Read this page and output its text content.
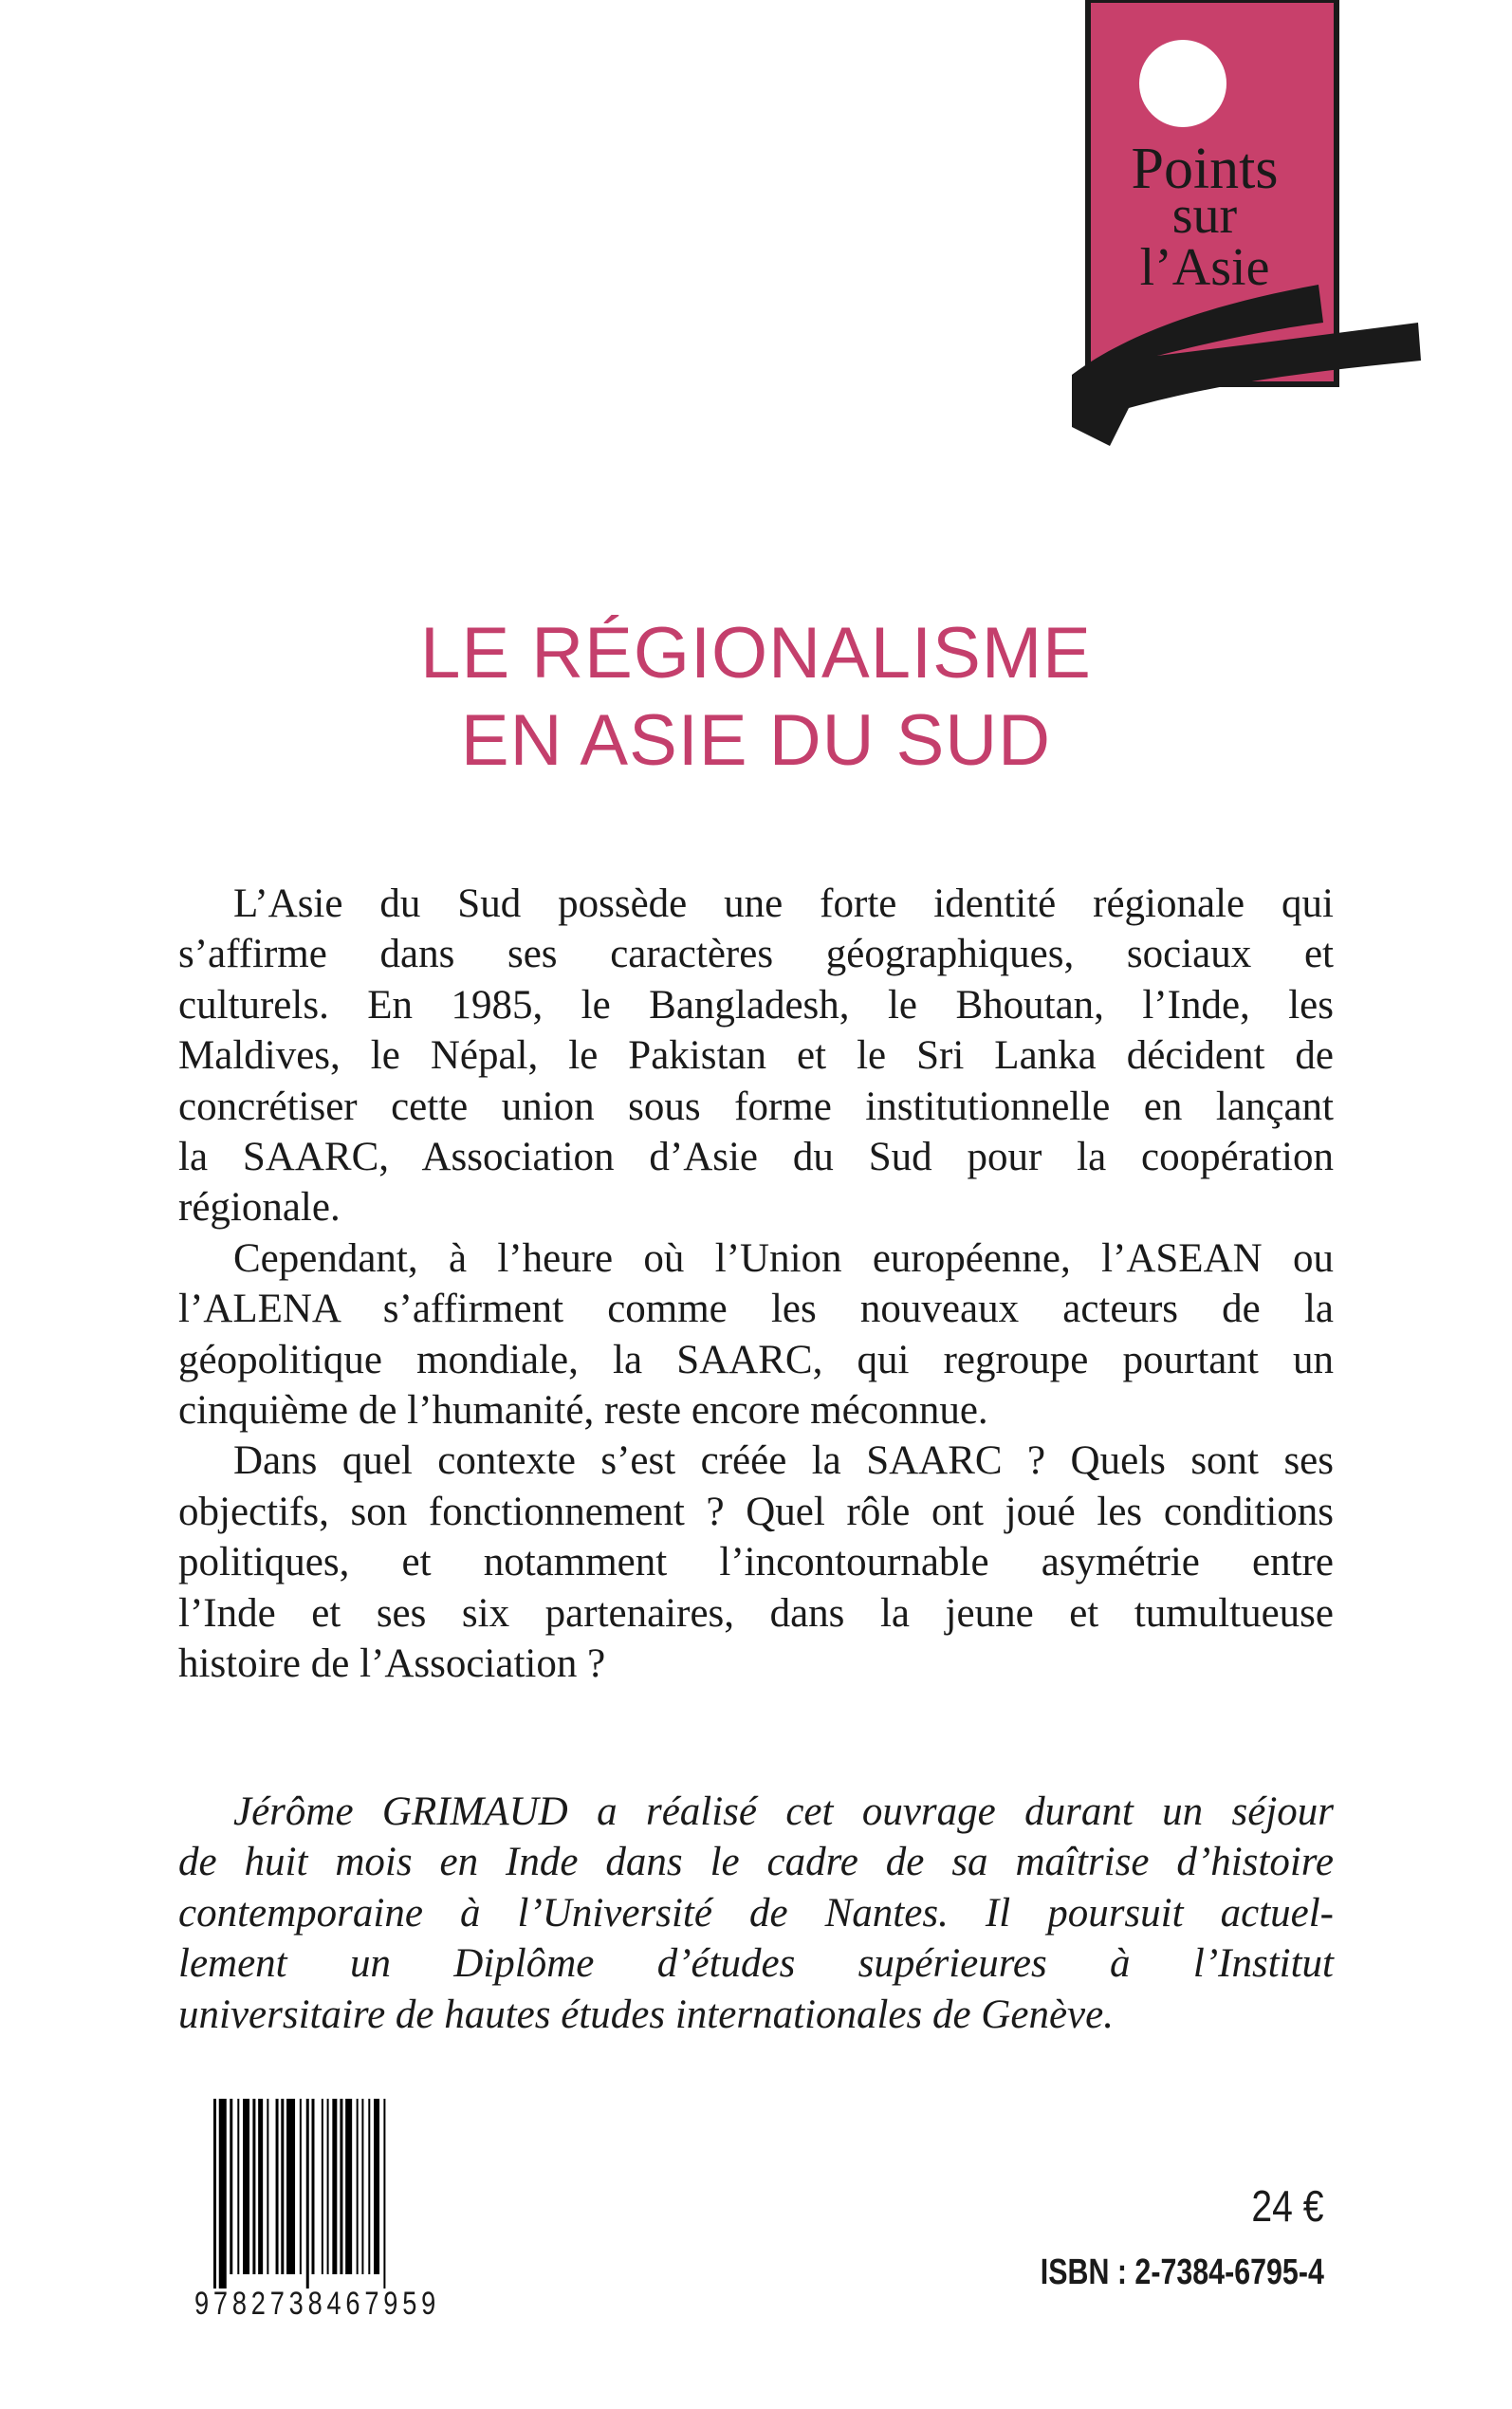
Points
sur
l’Asie
LE RÉGIONALISME
EN ASIE DU SUD
L’Asie du Sud possède une forte identité régionale qui
s’affirme dans ses caractères géographiques, sociaux et
culturels. En 1985, le Bangladesh, le Bhoutan, l’Inde, les
Maldives, le Népal, le Pakistan et le Sri Lanka décident de
concrétiser cette union sous forme institutionnelle en lançant
la SAARC, Association d’Asie du Sud pour la coopération
régionale.
Cependant, à l’heure où l’Union européenne, l’ASEAN ou
l’ALENA s’affirment comme les nouveaux acteurs de la
géopolitique mondiale, la SAARC, qui regroupe pourtant un
cinquième de l’humanité, reste encore méconnue.
Dans quel contexte s’est créée la SAARC ? Quels sont ses
objectifs, son fonctionnement ? Quel rôle ont joué les conditions
politiques, et notamment l’incontournable asymétrie entre
l’Inde et ses six partenaires, dans la jeune et tumultueuse
histoire de l’Association ?
Jérôme GRIMAUD a réalisé cet ouvrage durant un séjour
de huit mois en Inde dans le cadre de sa maîtrise d’histoire
contemporaine à l’Université de Nantes. Il poursuit actuel-
lement un Diplôme d’études supérieures à l’Institut
universitaire de hautes études internationales de Genève.
9782738467959
24 €
ISBN : 2-7384-6795-4
